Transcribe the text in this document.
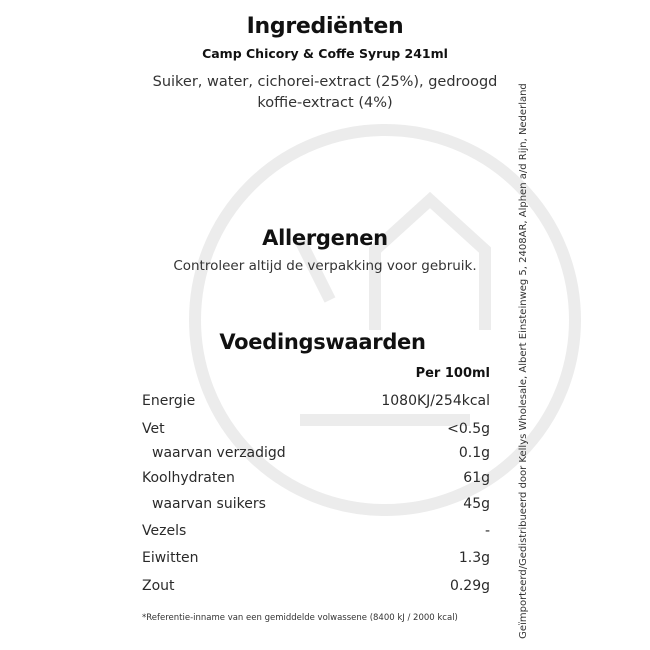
Ingrediënten
Camp Chicory & Coffe Syrup 241ml
Suiker, water, cichorei-extract (25%), gedroogd koffie-extract (4%)
Allergenen
Controleer altijd de verpakking voor gebruik.
Voedingswaarden
Per 100ml
Energie	1080KJ/254kcal
Vet	<0.5g
waarvan verzadigd	0.1g
Koolhydraten	61g
waarvan suikers	45g
Vezels	-
Eiwitten	1.3g
Zout	0.29g
*Referentie-inname van een gemiddelde volwassene (8400 kJ / 2000 kcal)	Geïmporteerd/Gedistribueerd door Kellys Wholesale, Albert Einsteinweg 5, 2408AR, Alphen a/d Rijn, Nederland
